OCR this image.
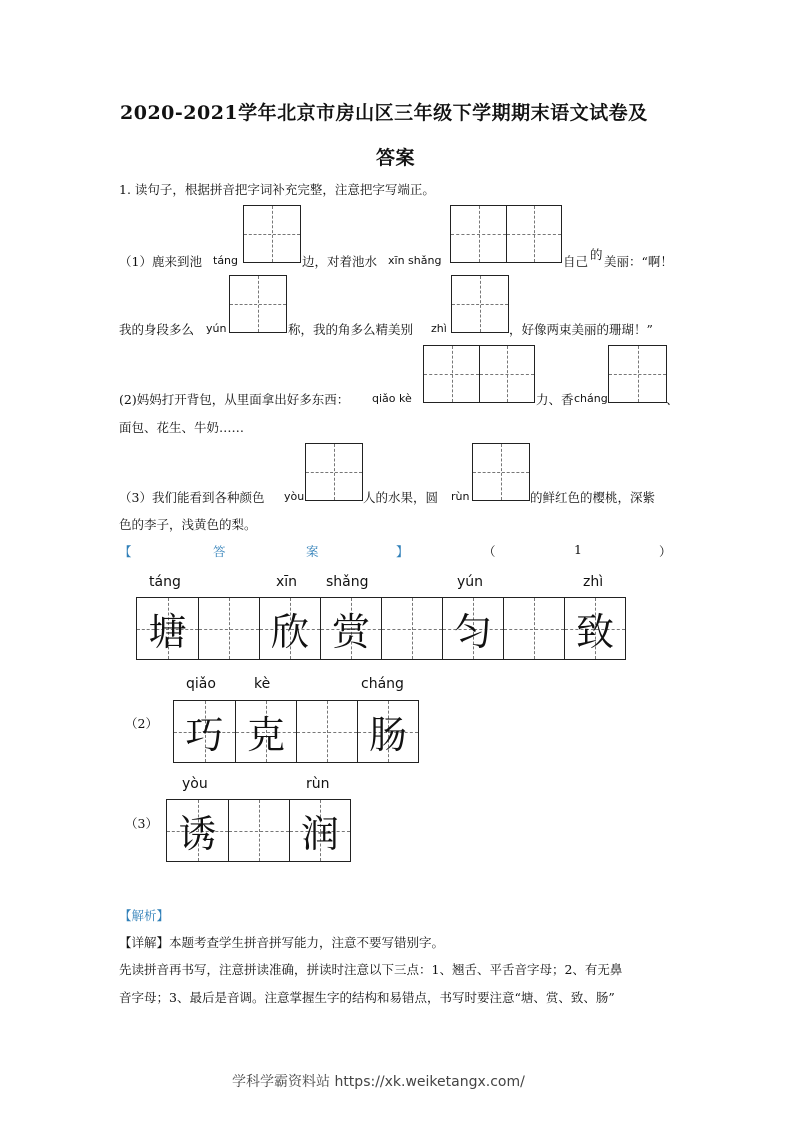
2020-2021学年北京市房山区三年级下学期期末语文试卷及
答案
1. 读句子，根据拼音把字词补充完整，注意把字写端正。
（1）鹿来到池 táng	边，对着池水 xīn shǎng	自己 的 美丽：“啊！
我的身段多么 yún	称，我的角多么精美别 zhì	，好像两束美丽的珊瑚！”
(2)妈妈打开背包，从里面拿出好多东西： qiǎo kè	力、香 cháng	、
面包、花生、牛奶……
（3）我们能看到各种颜色 yòu	人的水果，圆 rùn	的鲜红色的樱桃，深紫
色的李子，浅黄色的梨。
【	答	案	】	（	1	）
táng	xīn shǎng	yún	zhì
塘 欣 赏 匀 致
（2）
qiǎo	kè	cháng
巧 克 肠
（3）
yòu	rùn
诱 润
【解析】
【详解】本题考查学生拼音拼写能力，注意不要写错别字。
先读拼音再书写，注意拼读准确，拼读时注意以下三点：1、翘舌、平舌音字母；2、有无鼻
音字母；3、最后是音调。注意掌握生字的结构和易错点，书写时要注意“塘、赏、致、肠”
学科学霸资料站 https://xk.weiketangx.com/
